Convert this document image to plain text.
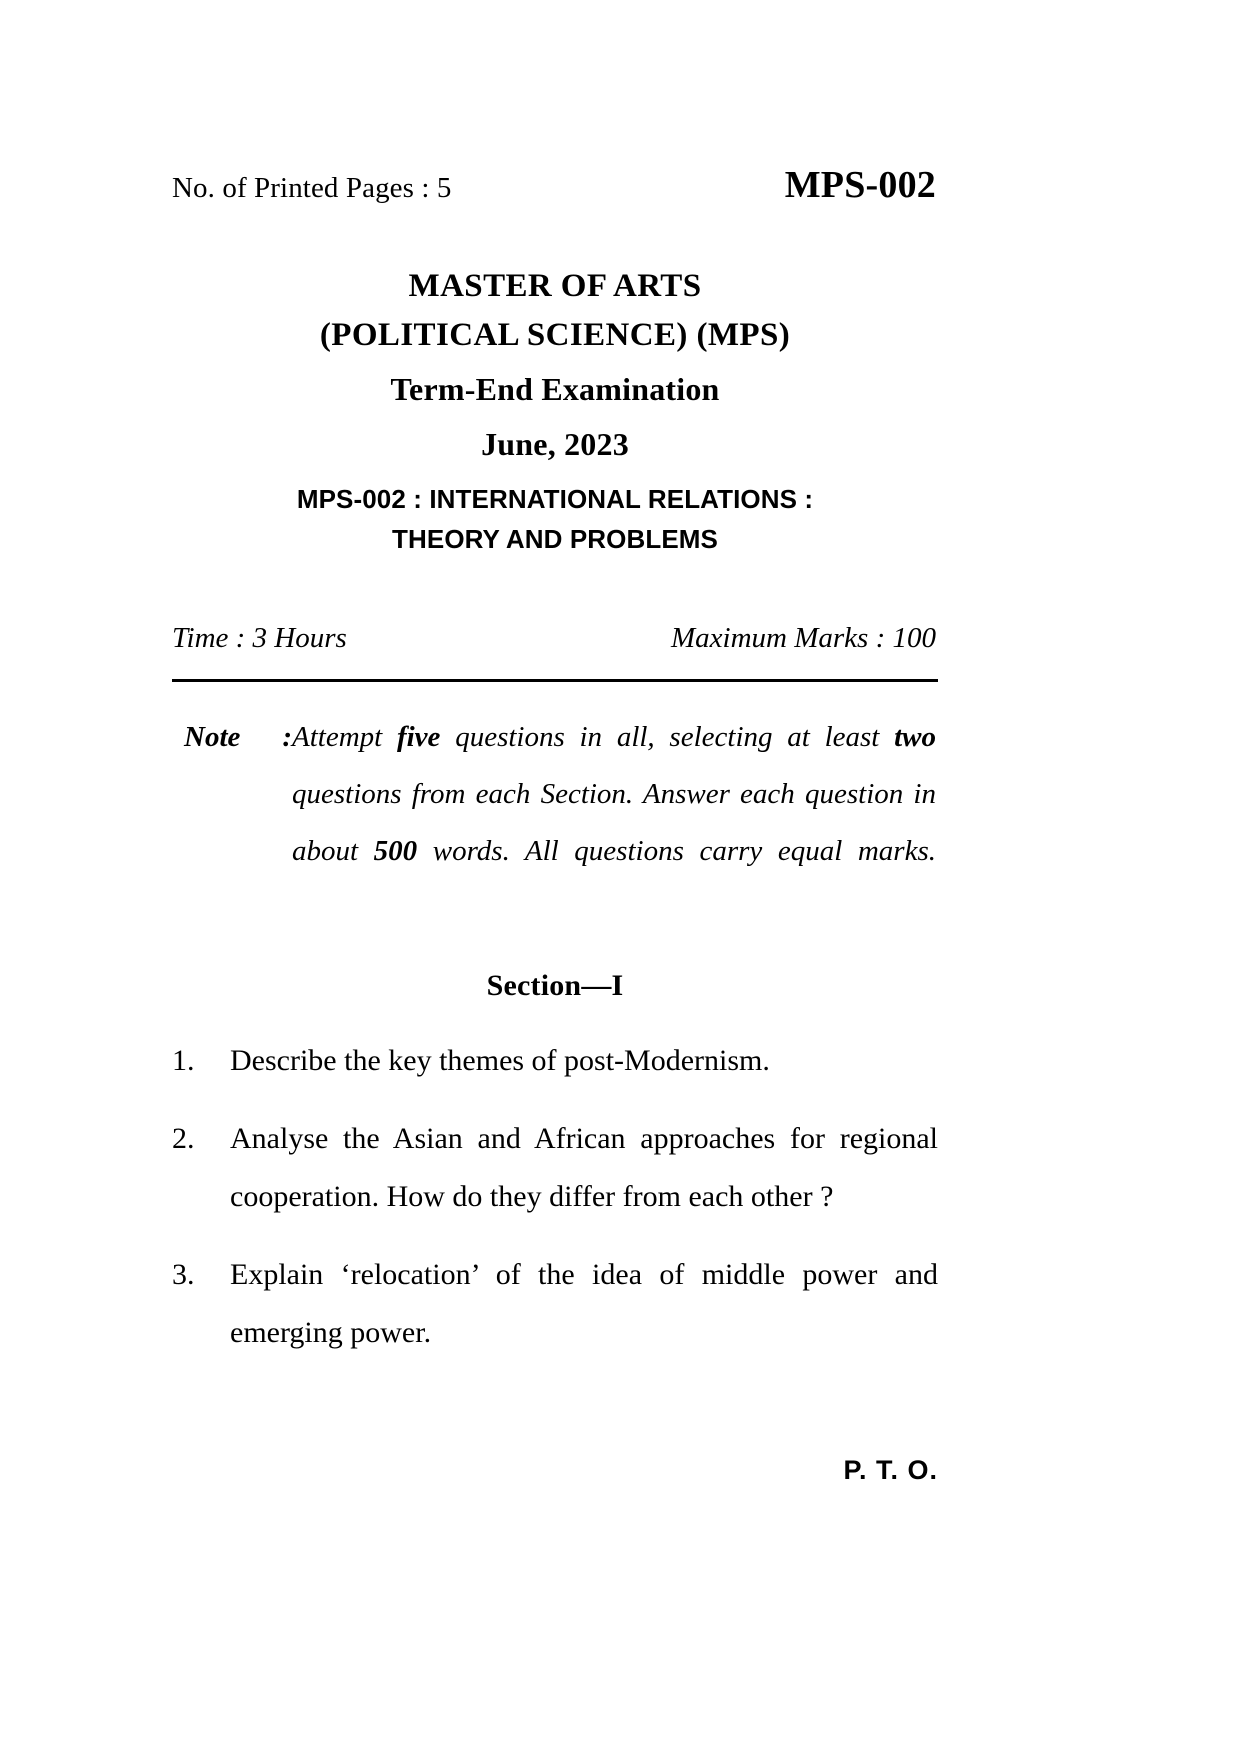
No. of Printed Pages : 5	MPS-002
MASTER OF ARTS
(POLITICAL SCIENCE) (MPS)
Term-End Examination
June, 2023
MPS-002 : INTERNATIONAL RELATIONS :
THEORY AND PROBLEMS
Time : 3 Hours	Maximum Marks : 100

Note : Attempt five questions in all, selecting at least two questions from each Section. Answer each question in about 500 words. All questions carry equal marks.

Section—I
1.	Describe the key themes of post-Modernism.
2.	Analyse the Asian and African approaches for regional cooperation. How do they differ from each other ?
3.	Explain ‘relocation’ of the idea of middle power and emerging power.
P. T. O.
